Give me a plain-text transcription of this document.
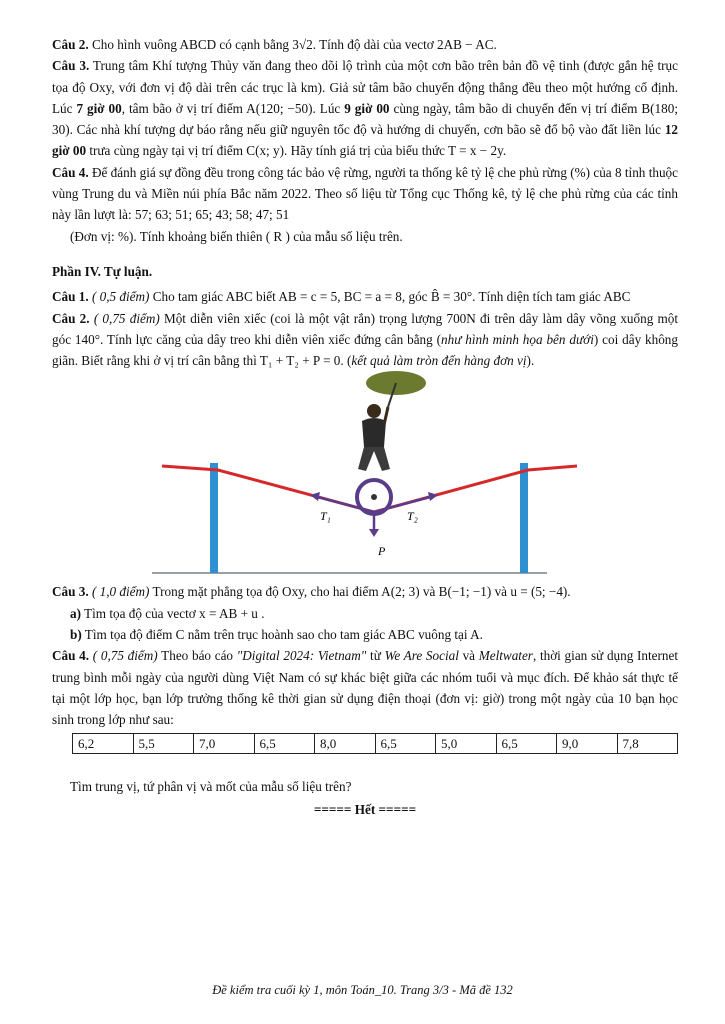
Câu 2. Cho hình vuông ABCD có cạnh bằng 3√2. Tính độ dài của vectơ 2AB − AC.

Câu 3. Trung tâm Khí tượng Thủy văn đang theo dõi lộ trình của một cơn bão trên bản đồ vệ tinh (được gắn hệ trục tọa độ Oxy, với đơn vị độ dài trên các trục là km). Giả sử tâm bão chuyển động thẳng đều theo một hướng cố định. Lúc 7 giờ 00, tâm bão ở vị trí điểm A(120; −50). Lúc 9 giờ 00 cùng ngày, tâm bão di chuyển đến vị trí điểm B(180; 30). Các nhà khí tượng dự báo rằng nếu giữ nguyên tốc độ và hướng di chuyển, cơn bão sẽ đổ bộ vào đất liền lúc 12 giờ 00 trưa cùng ngày tại vị trí điểm C(x; y). Hãy tính giá trị của biểu thức T = x − 2y.

Câu 4. Để đánh giá sự đồng đều trong công tác bảo vệ rừng, người ta thống kê tỷ lệ che phủ rừng (%) của 8 tỉnh thuộc vùng Trung du và Miền núi phía Bắc năm 2022. Theo số liệu từ Tổng cục Thống kê, tỷ lệ che phủ rừng của các tỉnh này lần lượt là: 57; 63; 51; 65; 43; 58; 47; 51

(Đơn vị: %). Tính khoảng biến thiên ( R ) của mẫu số liệu trên.

Phần IV. Tự luận.

Câu 1. ( 0,5 điểm) Cho tam giác ABC biết AB = c = 5, BC = a = 8, góc B̂ = 30°. Tính diện tích tam giác ABC

Câu 2. ( 0,75 điểm) Một diễn viên xiếc (coi là một vật rắn) trọng lượng 700N đi trên dây làm dây võng xuống một góc 140°. Tính lực căng của dây treo khi diễn viên xiếc đứng cân bằng (như hình minh họa bên dưới) coi dây không giãn. Biết rằng khi ở vị trí cân bằng thì T₁ + T₂ + P = 0. (kết quả làm tròn đến hàng đơn vị).

T₁	T₂
P

Câu 3. ( 1,0 điểm) Trong mặt phẳng tọa độ Oxy, cho hai điểm A(2; 3) và B(−1; −1) và u = (5; −4).

a) Tìm tọa độ của vectơ x = AB + u .

b) Tìm tọa độ điểm C nằm trên trục hoành sao cho tam giác ABC vuông tại A.

Câu 4. ( 0,75 điểm) Theo báo cáo "Digital 2024: Vietnam" từ We Are Social và Meltwater, thời gian sử dụng Internet trung bình mỗi ngày của người dùng Việt Nam có sự khác biệt giữa các nhóm tuổi và mục đích. Để khảo sát thực tế tại một lớp học, bạn lớp trưởng thống kê thời gian sử dụng điện thoại (đơn vị: giờ) trong một ngày của 10 bạn học sinh trong lớp như sau:

6,2	5,5	7,0	6,5	8,0	6,5	5,0	6,5	9,0	7,8

Tìm trung vị, tứ phân vị và mốt của mẫu số liệu trên?

===== Hết =====

Đề kiểm tra cuối kỳ 1, môn Toán_10. Trang 3/3 - Mã đề 132
